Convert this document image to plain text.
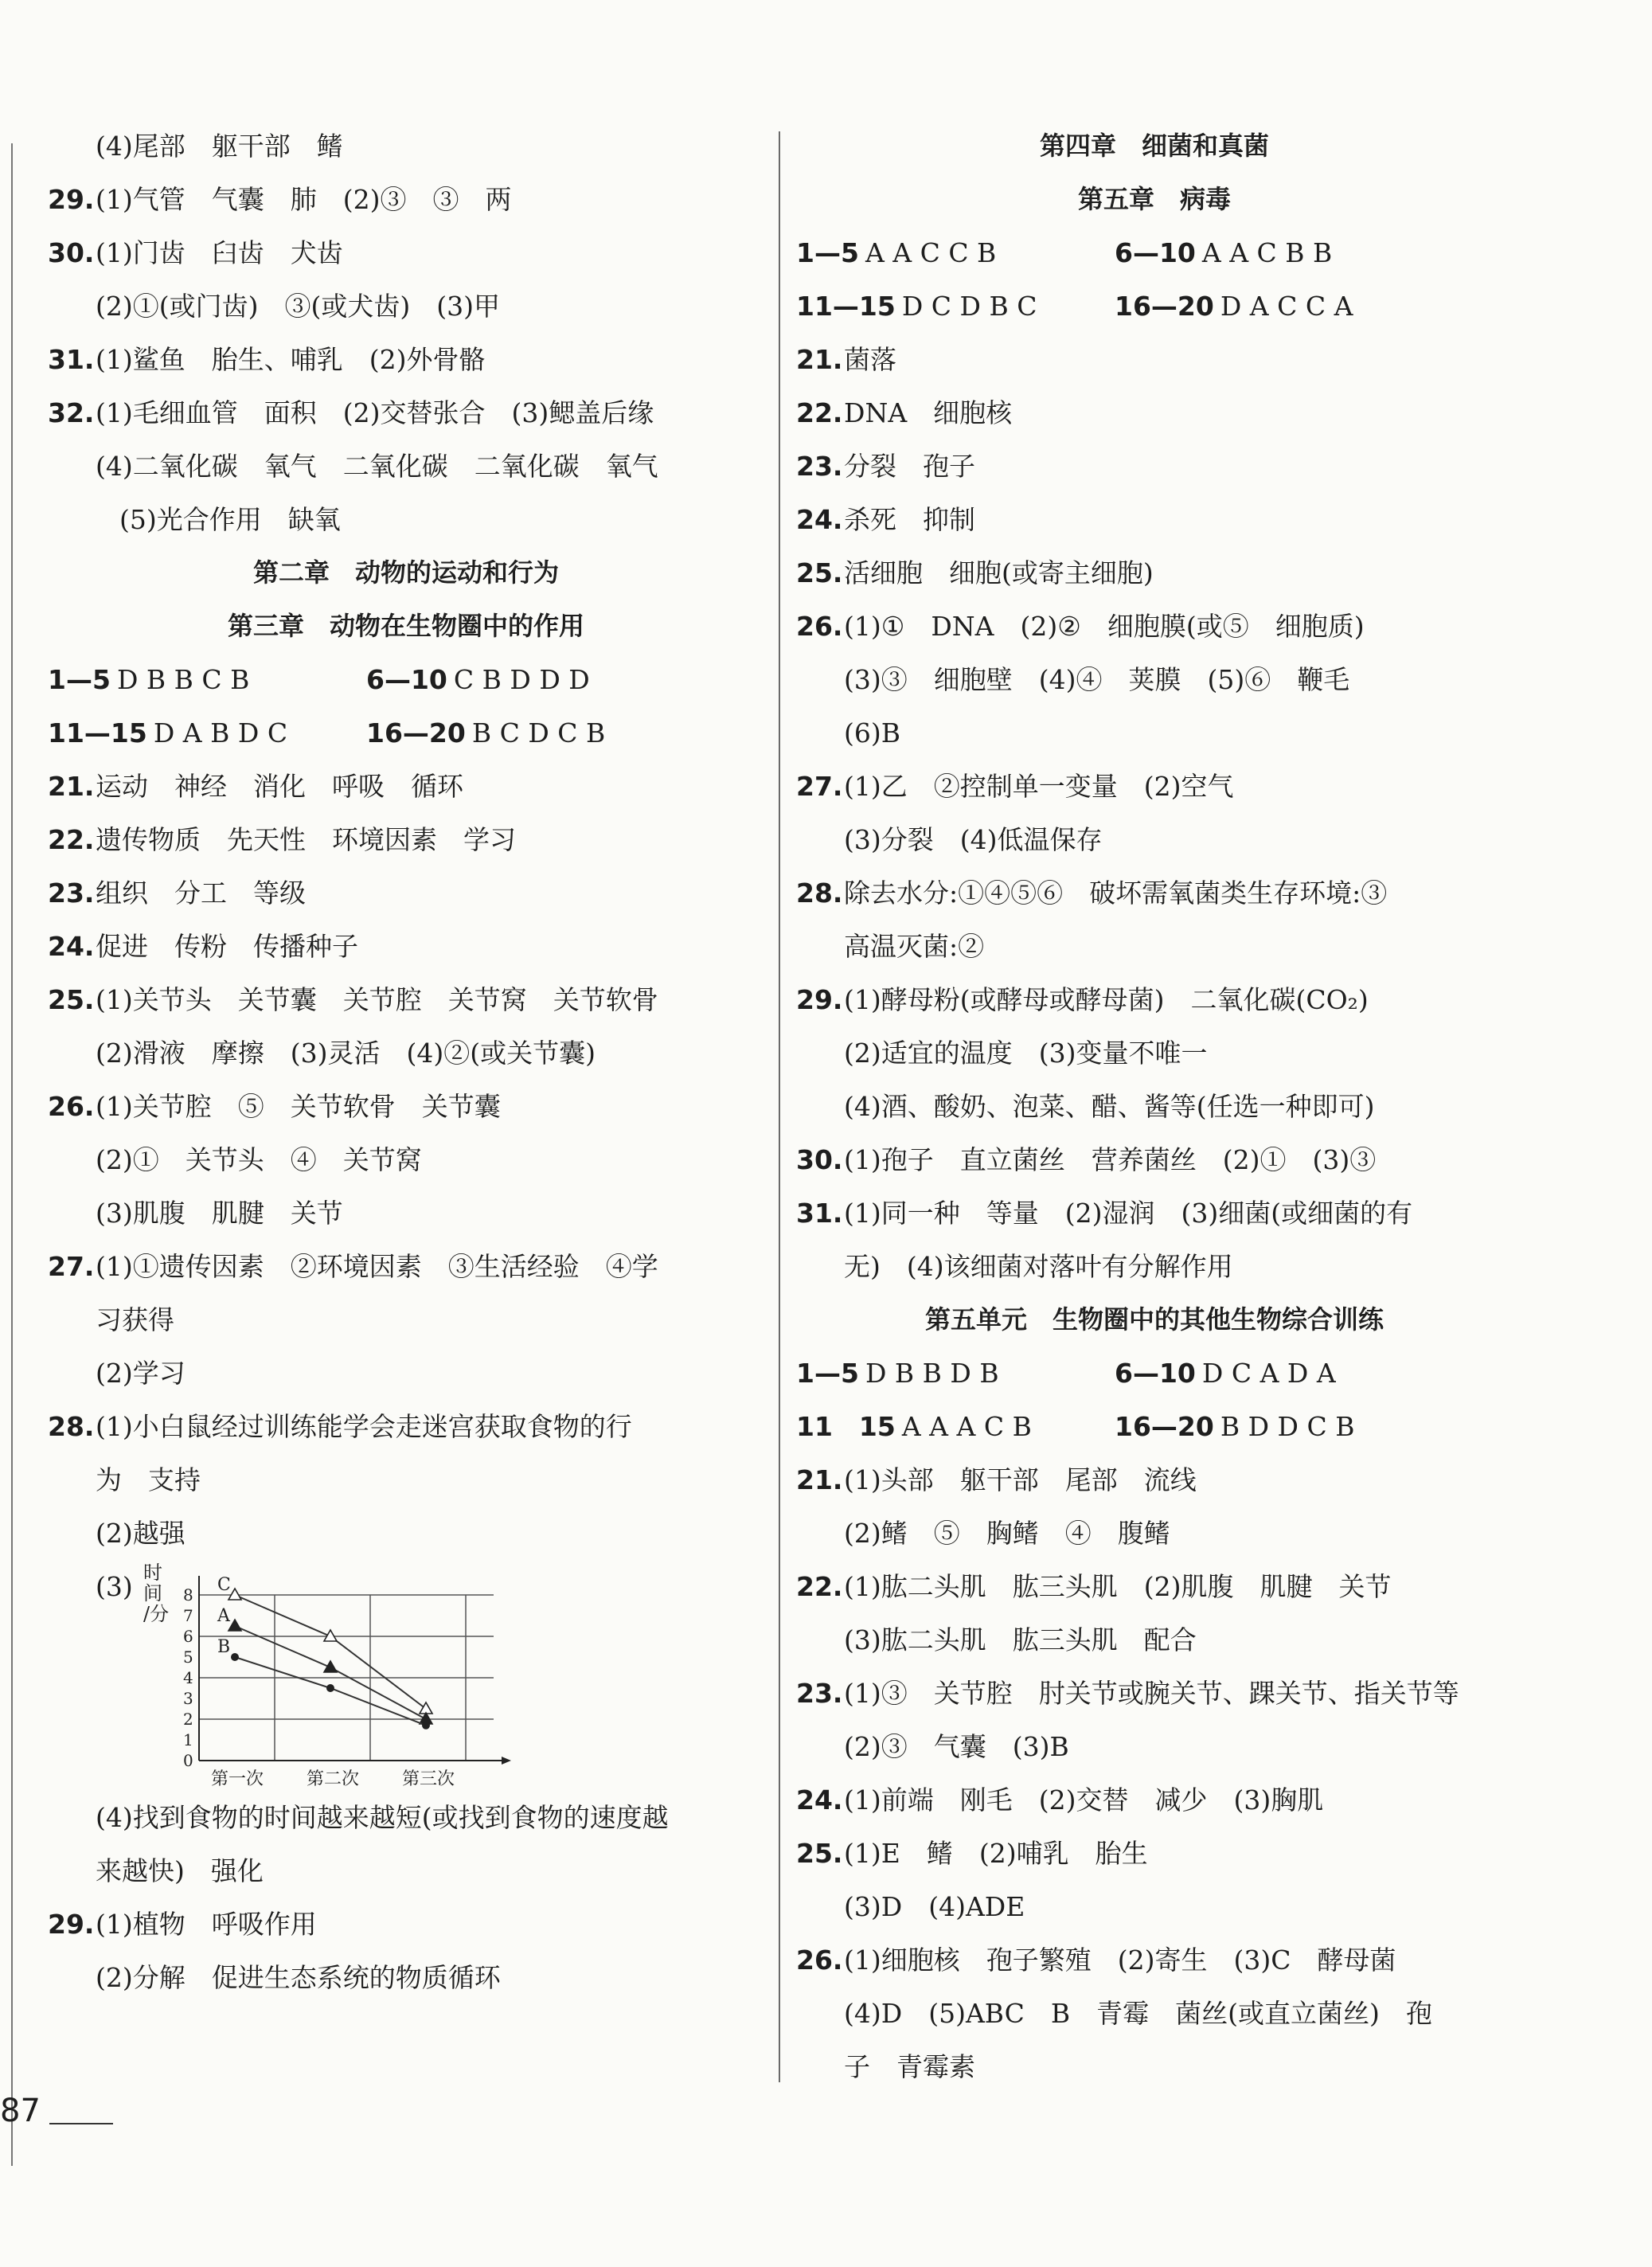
(4)尾部　躯干部　鳍
29.(1)气管　气囊　肺　(2)③　③　两
30.(1)门齿　臼齿　犬齿
(2)①(或门齿)　③(或犬齿)　(3)甲
31.(1)鲨鱼　胎生、哺乳　(2)外骨骼
32.(1)毛细血管　面积　(2)交替张合　(3)鳃盖后缘
(4)二氧化碳　氧气　二氧化碳　二氧化碳　氧气
(5)光合作用　缺氧
第二章　动物的运动和行为
第三章　动物在生物圈中的作用
1—5 D B B C B	6—10 C B D D D
11—15 D A B D C	16—20 B C D C B
21.运动　神经　消化　呼吸　循环
22.遗传物质　先天性　环境因素　学习
23.组织　分工　等级
24.促进　传粉　传播种子
25.(1)关节头　关节囊　关节腔　关节窝　关节软骨
(2)滑液　摩擦　(3)灵活　(4)②(或关节囊)
26.(1)关节腔　⑤　关节软骨　关节囊
(2)①　关节头　④　关节窝
(3)肌腹　肌腱　关节
27.(1)①遗传因素　②环境因素　③生活经验　④学
习获得
(2)学习
28.(1)小白鼠经过训练能学会走迷宫获取食物的行
为　支持
(2)越强
(3) 时
间
/分
0
1
2
3
4
5
6
7
8
第一次 第二次 第三次
C
A
B
(4)找到食物的时间越来越短(或找到食物的速度越
来越快)　强化
29.(1)植物　呼吸作用
(2)分解　促进生态系统的物质循环
第四章　细菌和真菌
第五章　病毒
1—5 A A C C B	6—10 A A C B B
11—15 D C D B C	16—20 D A C C A
21.菌落
22.DNA　细胞核
23.分裂　孢子
24.杀死　抑制
25.活细胞　细胞(或寄主细胞)
26.(1)①　DNA　(2)②　细胞膜(或⑤　细胞质)
(3)③　细胞壁　(4)④　荚膜　(5)⑥　鞭毛
(6)B
27.(1)乙　②控制单一变量　(2)空气
(3)分裂　(4)低温保存
28.除去水分:①④⑤⑥　破坏需氧菌类生存环境:③
高温灭菌:②
29.(1)酵母粉(或酵母或酵母菌)　二氧化碳(CO₂)
(2)适宜的温度　(3)变量不唯一
(4)酒、酸奶、泡菜、醋、酱等(任选一种即可)
30.(1)孢子　直立菌丝　营养菌丝　(2)①　(3)③
31.(1)同一种　等量　(2)湿润　(3)细菌(或细菌的有
无)　(4)该细菌对落叶有分解作用
第五单元　生物圈中的其他生物综合训练
1—5 D B B D B	6—10 D C A D A
11　15 A A A C B	16—20 B D D C B
21.(1)头部　躯干部　尾部　流线
(2)鳍　⑤　胸鳍　④　腹鳍
22.(1)肱二头肌　肱三头肌　(2)肌腹　肌腱　关节
(3)肱二头肌　肱三头肌　配合
23.(1)③　关节腔　肘关节或腕关节、踝关节、指关节等
(2)③　气囊　(3)B
24.(1)前端　刚毛　(2)交替　减少　(3)胸肌
25.(1)E　鳍　(2)哺乳　胎生
(3)D　(4)ADE
26.(1)细胞核　孢子繁殖　(2)寄生　(3)C　酵母菌
(4)D　(5)ABC　B　青霉　菌丝(或直立菌丝)　孢
子　青霉素
87
